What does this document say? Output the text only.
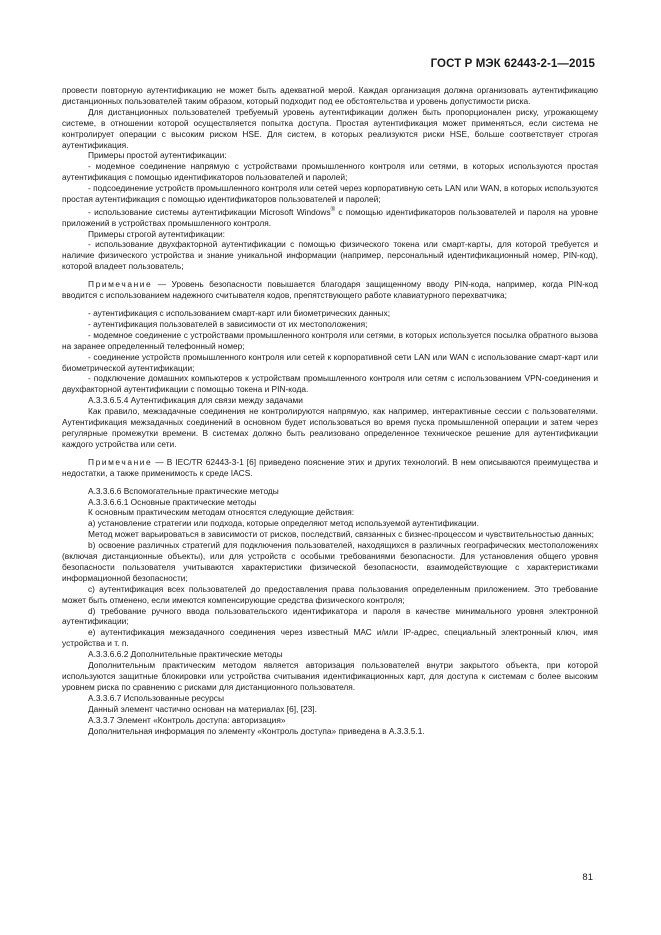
ГОСТ Р МЭК 62443-2-1—2015

провести повторную аутентификацию не может быть адекватной мерой. Каждая организация должна организовать аутентификацию дистанционных пользователей таким образом, который подходит под ее обстоятельства и уровень допустимости риска.

Для дистанционных пользователей требуемый уровень аутентификации должен быть пропорционален риску, угрожающему системе, в отношении которой осуществляется попытка доступа. Простая аутентификация может применяться, если система не контролирует операции с высоким риском HSE. Для систем, в которых реализуются риски HSE, больше соответствует строгая аутентификация.

Примеры простой аутентификации:

- модемное соединение напрямую с устройствами промышленного контроля или сетями, в которых используются простая аутентификация с помощью идентификаторов пользователей и паролей;

- подсоединение устройств промышленного контроля или сетей через корпоративную сеть LAN или WAN, в которых используются простая аутентификация с помощью идентификаторов пользователей и паролей;

- использование системы аутентификации Microsoft Windows® с помощью идентификаторов пользователей и пароля на уровне приложений в устройствах промышленного контроля.

Примеры строгой аутентификации:

- использование двухфакторной аутентификации с помощью физического токена или смарт-карты, для которой требуется и наличие физического устройства и знание уникальной информации (например, персональный идентификационный номер, PIN-код), которой владеет пользователь;

Примечание — Уровень безопасности повышается благодаря защищенному вводу PIN-кода, например, когда PIN-код вводится с использованием надежного считывателя кодов, препятствующего работе клавиатурного перехватчика;

- аутентификация с использованием смарт-карт или биометрических данных;

- аутентификация пользователей в зависимости от их местоположения;

- модемное соединение с устройствами промышленного контроля или сетями, в которых используется посылка обратного вызова на заранее определенный телефонный номер;

- соединение устройств промышленного контроля или сетей к корпоративной сети LAN или WAN с использование смарт-карт или биометрической аутентификации;

- подключение домашних компьютеров к устройствам промышленного контроля или сетям с использованием VPN-соединения и двухфакторной аутентификации с помощью токена и PIN-кода.

А.3.3.6.5.4 Аутентификация для связи между задачами

Как правило, межзадачные соединения не контролируются напрямую, как например, интерактивные сессии с пользователями. Аутентификация межзадачных соединений в основном будет использоваться во время пуска промышленной операции и затем через регулярные промежутки времени. В системах должно быть реализовано определенное техническое решение для аутентификации каждого устройства или сети.

Примечание — В IEC/TR 62443-3-1 [6] приведено пояснение этих и других технологий. В нем описываются преимущества и недостатки, а также применимость к среде IACS.

А.3.3.6.6 Вспомогательные практические методы

А.3.3.6.6.1 Основные практические методы

К основным практическим методам относятся следующие действия:

а) установление стратегии или подхода, которые определяют метод используемой аутентификации.

Метод может варьироваться в зависимости от рисков, последствий, связанных с бизнес-процессом и чувствительностью данных;

b) освоение различных стратегий для подключения пользователей, находящихся в различных географических местоположениях (включая дистанционные объекты), или для устройств с особыми требованиями безопасности. Для установления общего уровня безопасности пользователя учитываются характеристики физической безопасности, взаимодействующие с характеристиками информационной безопасности;

с) аутентификация всех пользователей до предоставления права пользования определенным приложением. Это требование может быть отменено, если имеются компенсирующие средства физического контроля;

d) требование ручного ввода пользовательского идентификатора и пароля в качестве минимального уровня электронной аутентификации;

е) аутентификация межзадачного соединения через известный МАС и/или IP-адрес, специальный электронный ключ, имя устройства и т. п.

А.3.3.6.6.2 Дополнительные практические методы

Дополнительным практическим методом является авторизация пользователей внутри закрытого объекта, при которой используются защитные блокировки или устройства считывания идентификационных карт, для доступа к системам с более высоким уровнем риска по сравнению с рисками для дистанционного пользователя.

А.3.3.6.7 Использованные ресурсы

Данный элемент частично основан на материалах [6], [23].

А.3.3.7 Элемент «Контроль доступа: авторизация»

Дополнительная информация по элементу «Контроль доступа» приведена в А.3.3.5.1.

81
